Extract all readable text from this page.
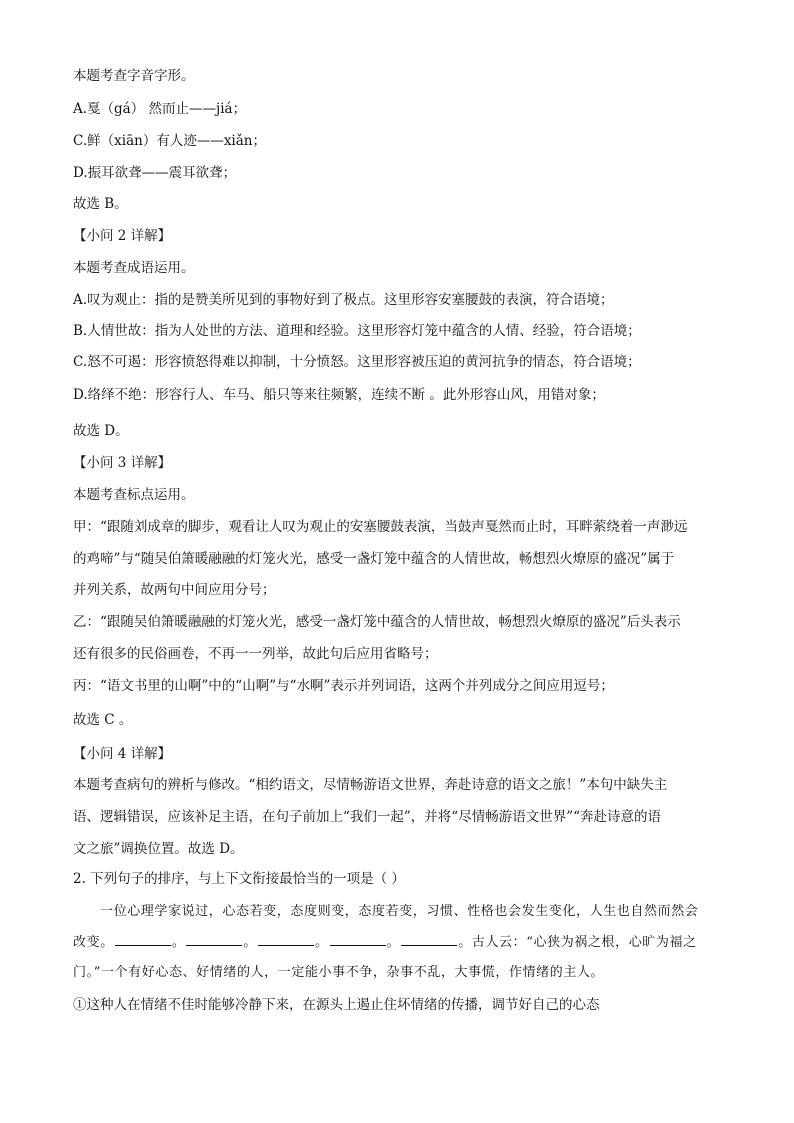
本题考查字音字形。
A.戛（gá） 然而止——jiá；
C.鲜（xiān）有人迹——xiǎn；
D.振耳欲聋——震耳欲聋；
故选 B。
【小问 2 详解】
本题考查成语运用。
A.叹为观止：指的是赞美所见到的事物好到了极点。这里形容安塞腰鼓的表演，符合语境；
B.人情世故：指为人处世的方法、道理和经验。这里形容灯笼中蕴含的人情、经验，符合语境；
C.怒不可遏：形容愤怒得难以抑制，十分愤怒。这里形容被压迫的黄河抗争的情态，符合语境；
D.络绎不绝：形容行人、车马、船只等来往频繁，连续不断 。此外形容山风，用错对象；
故选 D。
【小问 3 详解】
本题考查标点运用。
甲：“跟随刘成章的脚步，观看让人叹为观止的安塞腰鼓表演，当鼓声戛然而止时，耳畔萦绕着一声渺远
的鸡啼”与“随吴伯箫暖融融的灯笼火光，感受一盏灯笼中蕴含的人情世故，畅想烈火燎原的盛况”属于
并列关系，故两句中间应用分号；
乙：“跟随吴伯箫暖融融的灯笼火光，感受一盏灯笼中蕴含的人情世故，畅想烈火燎原的盛况”后头表示
还有很多的民俗画卷，不再一一列举，故此句后应用省略号；
丙：“语文书里的山啊”中的“山啊”与“水啊”表示并列词语，这两个并列成分之间应用逗号；
故选 C 。
【小问 4 详解】
本题考查病句的辨析与修改。“相约语文，尽情畅游语文世界，奔赴诗意的语文之旅！”本句中缺失主
语、逻辑错误，应该补足主语，在句子前加上“我们一起”，并将“尽情畅游语文世界”“奔赴诗意的语
文之旅”调换位置。故选 D。
2. 下列句子的排序，与上下文衔接最恰当的一项是（ ）
一位心理学家说过，心态若变，态度则变，态度若变，习惯、性格也会发生变化，人生也自然而然会
改变。	。	。	。	。	。古人云：“心狭为祸之根，心旷为福之
门。”一个有好心态、好情绪的人，一定能小事不争，杂事不乱，大事慌，作情绪的主人。
①这种人在情绪不佳时能够冷静下来，在源头上遏止住坏情绪的传播，调节好自己的心态
